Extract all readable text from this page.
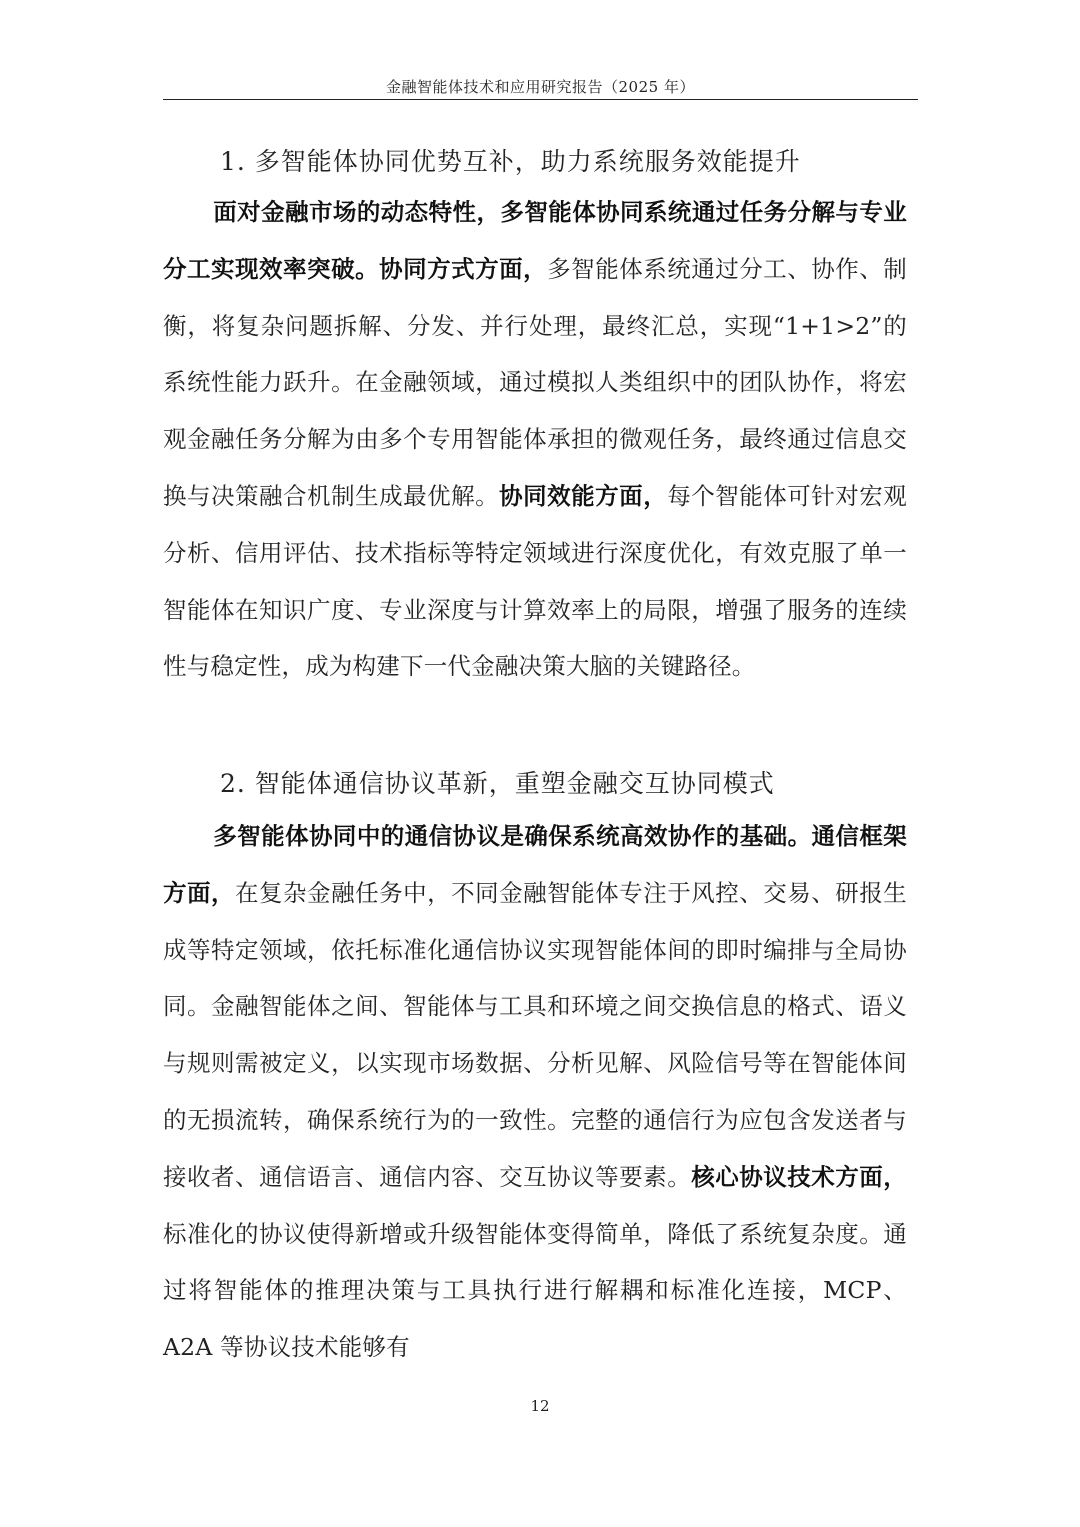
金融智能体技术和应用研究报告（2025 年）
1. 多智能体协同优势互补，助力系统服务效能提升

面对金融市场的动态特性，多智能体协同系统通过任务分解与专业分工实现效率突破。协同方式方面，多智能体系统通过分工、协作、制衡，将复杂问题拆解、分发、并行处理，最终汇总，实现“1+1>2”的系统性能力跃升。在金融领域，通过模拟人类组织中的团队协作，将宏观金融任务分解为由多个专用智能体承担的微观任务，最终通过信息交换与决策融合机制生成最优解。协同效能方面，每个智能体可针对宏观分析、信用评估、技术指标等特定领域进行深度优化，有效克服了单一智能体在知识广度、专业深度与计算效率上的局限，增强了服务的连续性与稳定性，成为构建下一代金融决策大脑的关键路径。

2. 智能体通信协议革新，重塑金融交互协同模式

多智能体协同中的通信协议是确保系统高效协作的基础。通信框架方面，在复杂金融任务中，不同金融智能体专注于风控、交易、研报生成等特定领域，依托标准化通信协议实现智能体间的即时编排与全局协同。金融智能体之间、智能体与工具和环境之间交换信息的格式、语义与规则需被定义，以实现市场数据、分析见解、风险信号等在智能体间的无损流转，确保系统行为的一致性。完整的通信行为应包含发送者与接收者、通信语言、通信内容、交互协议等要素。核心协议技术方面，标准化的协议使得新增或升级智能体变得简单，降低了系统复杂度。通过将智能体的推理决策与工具执行进行解耦和标准化连接，MCP、A2A 等协议技术能够有

12
